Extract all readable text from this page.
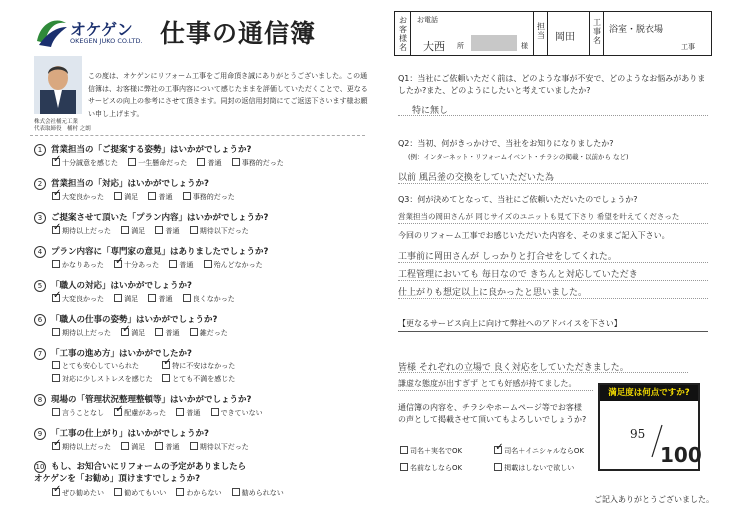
オケゲン
OKEGEN JUKO CO.LTD. 仕事の通信簿
この度は、オケゲンにリフォーム工事をご用命頂き誠にありがとうございました。この通信簿は、お客様に弊社の工事内容について感じたままを評価していただくことで、更なるサービスの向上の参考にさせて頂きます。同封の返信用封筒にてご返送下さいます様お願い申し上げます。
株式会社桶元工業
代表取締役　桶村 之朗
1 営業担当の「ご提案する姿勢」はいかがでしょうか?
✓十分誠意を感じた	一生懸命だった	普通	事務的だった
2 営業担当の「対応」はいかがでしょうか?
✓大変良かった	満足	普通	事務的だった
3 ご提案させて頂いた「プラン内容」はいかがでしょうか?
✓期待以上だった	満足	普通	期待以下だった
4 プラン内容に「専門家の意見」はありましたでしょうか?
かなりあった ✓	十分あった	普通	殆んどなかった
5 「職人の対応」はいかがでしょうか?
✓大変良かった	満足	普通	良くなかった
6 「職人の仕事の姿勢」はいかがでしょうか?
期待以上だった ✓	満足	普通	雑だった
7 「工事の進め方」はいかがでしたか?
とても安心していられた ✓	特に不安はなかった
対応に少しストレスを感じた	とても不満を感じた
8 現場の「管理状況整理整頓等」はいかがでしょうか?
言うことなし ✓	配慮があった	普通	できていない
9 「工事の仕上がり」はいかがでしょうか?
✓期待以上だった	満足	普通	期待以下だった
10 もし、お知合いにリフォームの予定がありましたら オケゲンを「お勧め」頂けますでしょうか?
✓ぜひ勧めたい	勧めてもいい	わからない	勧められない
お客様名
お電話
大西 所	様
担当 岡田
工事名
浴室・脱衣場
工事
Q1：当社にご依頼いただく前は、どのような事が不安で、どのようなお悩みがありましたか?また、どのようにしたいと考えていましたか?
特に無し
Q2：当初、何がきっかけで、当社をお知りになりましたか?
(例：インターネット・リフォームイベント・チラシの掲載・以前から など)
以前 風呂釜の交換をしていただいた為
Q3：何が決めてとなって、当社にご依頼いただいたのでしょうか?
営業担当の岡田さんが 同じサイズのユニットも見て下さり 希望を叶えてくださった
今回のリフォーム工事でお感じいただいた内容を、そのままご記入下さい。
工事前に岡田さんが しっかりと打合せをしてくれた。
工程管理においても 毎日なので きちんと対応していただき
仕上がりも想定以上に良かったと思いました。
【更なるサービス向上に向けて弊社へのアドバイスを下さい】
皆様 それぞれの立場で 良く対応をしていただきました。
謙虚な態度が出すぎず とても好感が持てました。
通信簿の内容を、チラシやホームページ等でお客様の声として掲載させて頂いてもよろしいでしょうか?
司名＋実名でOK ✓	司名＋イニシャルならOK
名前なしならOK	掲載はしないで欲しい
満足度は何点ですか?
95
100
ご記入ありがとうございました。
